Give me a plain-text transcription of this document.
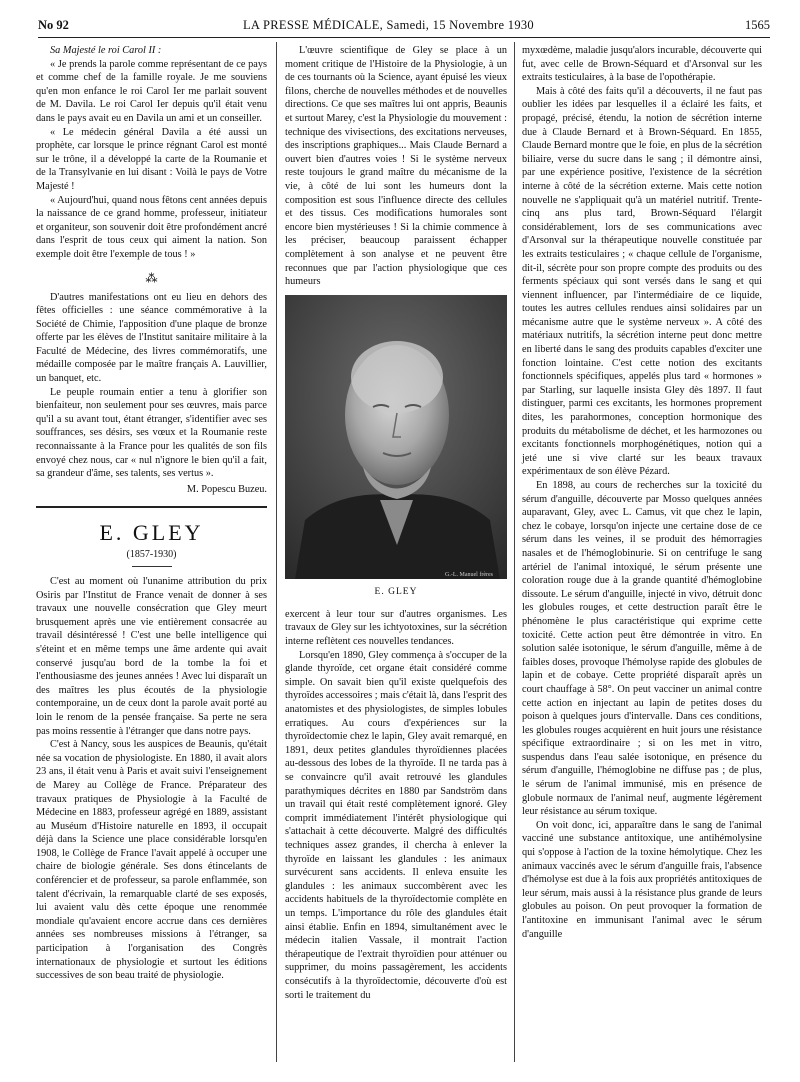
No 92	LA PRESSE MÉDICALE, Samedi, 15 Novembre 1930	1565

Sa Majesté le roi Carol II :

« Je prends la parole comme représentant de ce pays et comme chef de la famille royale. Je me souviens qu'en mon enfance le roi Carol Ier me parlait souvent de M. Davila. Le roi Carol Ier depuis qu'il était venu dans le pays avait eu en Davila un ami et un conseiller.

« Le médecin général Davila a été aussi un prophète, car lorsque le prince régnant Carol est monté sur le trône, il a développé la carte de la Roumanie et de la Transylvanie en lui disant : Voilà le pays de Votre Majesté !

« Aujourd'hui, quand nous fêtons cent années depuis la naissance de ce grand homme, professeur, initiateur et organiteur, son souvenir doit être profondément ancré dans l'esprit de tous ceux qui aiment la nation. Son exemple doit être l'exemple de tous ! »

⁂

D'autres manifestations ont eu lieu en dehors des fêtes officielles : une séance commémorative à la Société de Chimie, l'apposition d'une plaque de bronze offerte par les élèves de l'Institut sanitaire militaire à la Faculté de Médecine, des livres commémoratifs, une médaille composée par le maître français A. Lauvillier, un banquet, etc.

Le peuple roumain entier a tenu à glorifier son bienfaiteur, non seulement pour ses œuvres, mais parce qu'il a su avant tout, étant étranger, s'identifier avec ses souffrances, ses désirs, ses vœux et la Roumanie reste reconnaissante à la France pour les qualités de son fils envoyé chez nous, car « nul n'ignore le bien qu'il a fait, sa grandeur d'âme, ses talents, ses vertus ».

M. Popescu Buzeu.
E. GLEY
(1857-1930)

C'est au moment où l'unanime attribution du prix Osiris par l'Institut de France venait de donner à ses travaux une nouvelle consécration que Gley meurt brusquement après une vie entièrement consacrée au travail désintéressé ! C'est une belle intelligence qui s'éteint et en même temps une âme ardente qui avait conservé jusqu'au bord de la tombe la foi et l'enthousiasme des jeunes années ! Avec lui disparaît un des maîtres les plus écoutés de la physiologie contemporaine, un de ceux dont la parole avait porté au loin le renom de la pensée française. Sa perte ne sera pas moins ressentie à l'étranger que dans notre pays.

C'est à Nancy, sous les auspices de Beaunis, qu'était née sa vocation de physiologiste. En 1880, il avait alors 23 ans, il était venu à Paris et avait suivi l'enseignement de Marey au Collège de France. Préparateur des travaux pratiques de Physiologie à la Faculté de Médecine en 1883, professeur agrégé en 1889, assistant au Muséum d'Histoire naturelle en 1893, il occupait déjà dans la Science une place considérable lorsqu'en 1908, le Collège de France l'avait appelé à occuper une chaire de biologie générale. Ses dons étincelants de conférencier et de professeur, sa parole enflammée, son talent d'écrivain, la remarquable clarté de ses exposés, lui avaient valu dès cette époque une renommée mondiale qu'avaient encore accrue dans ces dernières années ses nombreuses missions à l'étranger, sa participation à l'organisation des Congrès internationaux de physiologie et surtout les éditions successives de son beau traité de physiologie.

L'œuvre scientifique de Gley se place à un moment critique de l'Histoire de la Physiologie, à un de ces tournants où la Science, ayant épuisé les vieux filons, cherche de nouvelles méthodes et de nouvelles directions. Ce que ses maîtres lui ont appris, Beaunis et surtout Marey, c'est la Physiologie du mouvement : technique des vivisections, des excitations nerveuses, des inscriptions graphiques... Mais Claude Bernard a ouvert bien d'autres voies ! Si le système nerveux reste toujours le grand maître du mécanisme de la vie, à côté de lui sont les humeurs dont la composition est sous l'influence directe des cellules et des tissus. Ces modifications humorales sont encore bien mystérieuses ! Si la chimie commence à les préciser, beaucoup paraissent échapper complètement à son analyse et ne peuvent être reconnues que par l'action physiologique que ces humeurs

G.-L. Manuel frères
E. GLEY

exercent à leur tour sur d'autres organismes. Les travaux de Gley sur les ichtyotoxines, sur la sécrétion interne reflètent ces nouvelles tendances.

Lorsqu'en 1890, Gley commença à s'occuper de la glande thyroïde, cet organe était considéré comme simple. On savait bien qu'il existe quelquefois des thyroïdes accessoires ; mais c'était là, dans l'esprit des anatomistes et des physiologistes, de simples lobules erratiques. Au cours d'expériences sur la thyroïdectomie chez le lapin, Gley avait remarqué, en 1891, deux petites glandules thyroïdiennes placées au-dessous des lobes de la thyroïde. Il ne tarda pas à se convaincre qu'il avait retrouvé les glandules parathymiques décrites en 1880 par Sandström dans un travail qui était resté complètement ignoré. Gley comprit immédiatement l'intérêt physiologique qui s'attachait à cette découverte. Malgré des difficultés techniques assez grandes, il chercha à enlever la thyroïde en laissant les glandules : les animaux survécurent sans accidents. Il enleva ensuite les glandules : les animaux succombèrent avec les accidents habituels de la thyroïdectomie complète en un temps. L'importance du rôle des glandules était ainsi établie. Enfin en 1894, simultanément avec le médecin italien Vassale, il montrait l'action thérapeutique de l'extrait thyroïdien pour atténuer ou supprimer, du moins passagèrement, les accidents consécutifs à la thyroïdectomie, découverte d'où est sorti le traitement du

myxœdème, maladie jusqu'alors incurable, découverte qui fut, avec celle de Brown-Séquard et d'Arsonval sur les extraits testiculaires, à la base de l'opothérapie.

Mais à côté des faits qu'il a découverts, il ne faut pas oublier les idées par lesquelles il a éclairé les faits, et propagé, précisé, étendu, la notion de sécrétion interne due à Claude Bernard et à Brown-Séquard. En 1855, Claude Bernard montre que le foie, en plus de la sécrétion biliaire, verse du sucre dans le sang ; il démontre ainsi, par une expérience positive, l'existence de la sécrétion interne à côté de la sécrétion externe. Mais cette notion nouvelle ne s'appliquait qu'à un matériel nutritif. Trente-cinq ans plus tard, Brown-Séquard l'élargit considérablement, lors de ses communications avec d'Arsonval sur la thérapeutique nouvelle constituée par les extraits testiculaires ; « chaque cellule de l'organisme, dit-il, sécrète pour son propre compte des produits ou des ferments spéciaux qui sont versés dans le sang et qui viennent influencer, par l'intermédiaire de ce liquide, toutes les autres cellules rendues ainsi solidaires par un mécanisme autre que le système nerveux ». A côté des matériaux nutritifs, la sécrétion interne peut donc mettre en liberté dans le sang des produits capables d'exciter une fonction lointaine. C'est cette notion des excitants fonctionnels spécifiques, appelés plus tard « hormones » par Starling, sur laquelle insista Gley dès 1897. Il faut distinguer, parmi ces excitants, les hormones proprement dites, les parahormones, conception hormonique des produits du métabolisme de déchet, et les harmozones ou excitants fonctionnels morphogénétiques, notion qui a jeté une si vive clarté sur les beaux travaux expérimentaux de son élève Pézard.

En 1898, au cours de recherches sur la toxicité du sérum d'anguille, découverte par Mosso quelques années auparavant, Gley, avec L. Camus, vit que chez le lapin, chez le cobaye, lorsqu'on injecte une certaine dose de ce sérum dans les veines, il se produit des hémorragies nasales et de l'hémoglobinurie. Si on centrifuge le sang artériel de l'animal intoxiqué, le sérum présente une coloration rouge due à la grande quantité d'hémoglobine dissoute. Le sérum d'anguille, injecté in vivo, détruit donc les globules rouges, et cette destruction paraît être le phénomène le plus caractéristique qui exprime cette toxicité. Cette action peut être démontrée in vitro. En solution salée isotonique, le sérum d'anguille, même à de faibles doses, provoque l'hémolyse rapide des globules de lapin et de cobaye. Cette propriété disparaît après un court chauffage à 58°. On peut vacciner un animal contre cette action en injectant au lapin de petites doses du poison à quelques jours d'intervalle. Dans ces conditions, les globules rouges acquièrent en huit jours une résistance spécifique extraordinaire ; si on les met in vitro, suspendus dans l'eau salée isotonique, en présence du sérum d'anguille, l'hémoglobine ne diffuse pas ; de plus, le sérum de l'animal immunisé, mis en présence de globule normaux de l'animal neuf, augmente légèrement leur résistance au sérum toxique.

On voit donc, ici, apparaître dans le sang de l'animal vacciné une substance antitoxique, une antihémolysine qui s'oppose à l'action de la toxine hémolytique. Chez les animaux vaccinés avec le sérum d'anguille frais, l'absence d'hémolyse est due à la fois aux propriétés antitoxiques de leur sérum, mais aussi à la résistance plus grande de leurs globules au poison. On peut provoquer la formation de l'antitoxine en immunisant l'animal avec le sérum d'anguille
